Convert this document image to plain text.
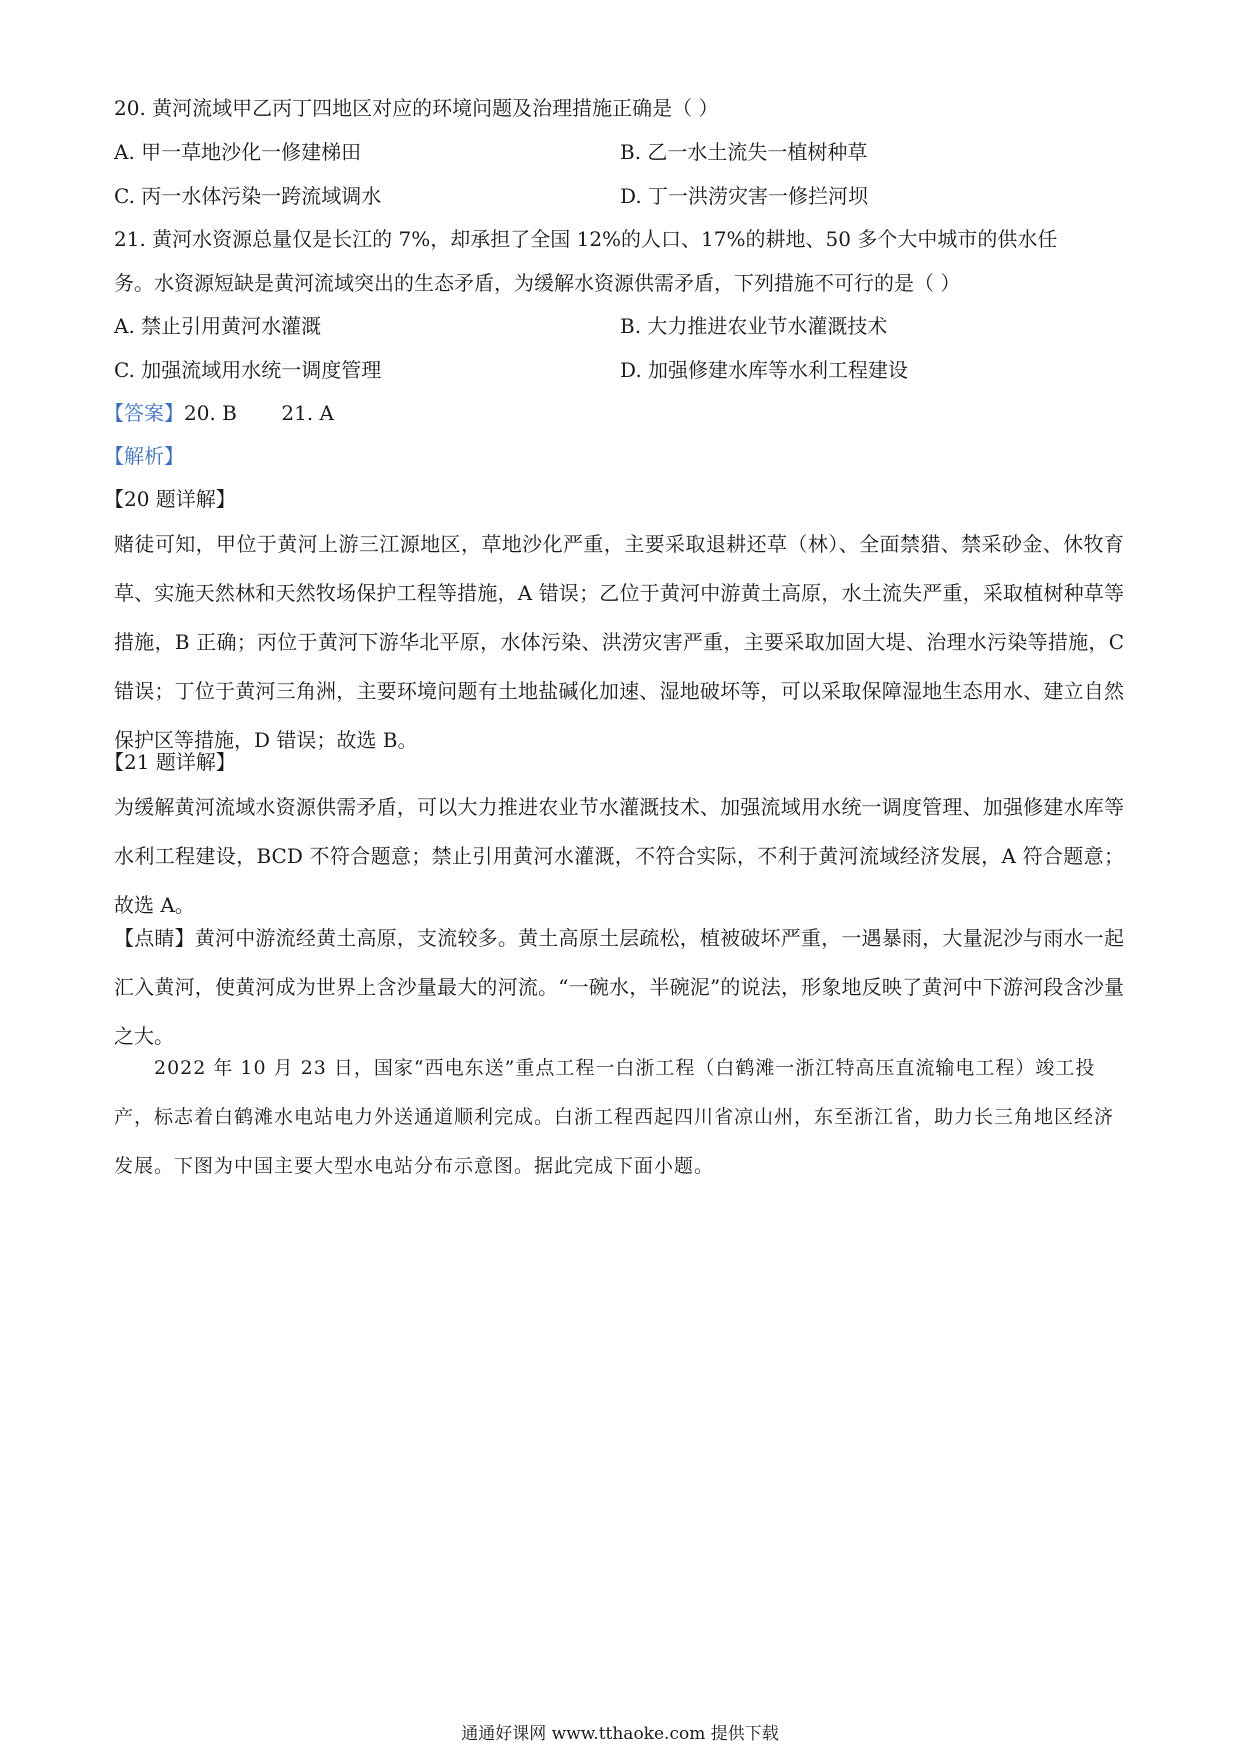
20. 黄河流域甲乙丙丁四地区对应的环境问题及治理措施正确是（ ）
A. 甲一草地沙化一修建梯田	B. 乙一水土流失一植树种草
C. 丙一水体污染一跨流域调水	D. 丁一洪涝灾害一修拦河坝
21. 黄河水资源总量仅是长江的 7%，却承担了全国 12%的人口、17%的耕地、50 多个大中城市的供水任
务。水资源短缺是黄河流域突出的生态矛盾，为缓解水资源供需矛盾，下列措施不可行的是（ ）
A. 禁止引用黄河水灌溉	B. 大力推进农业节水灌溉技术
C. 加强流域用水统一调度管理	D. 加强修建水库等水利工程建设
【答案】20. B       21. A
【解析】
【20 题详解】
赌徒可知，甲位于黄河上游三江源地区，草地沙化严重，主要采取退耕还草（林）、全面禁猎、禁采砂金、休牧育草、实施天然林和天然牧场保护工程等措施，A 错误；乙位于黄河中游黄土高原，水土流失严重，采取植树种草等措施，B 正确；丙位于黄河下游华北平原，水体污染、洪涝灾害严重，主要采取加固大堤、治理水污染等措施，C 错误；丁位于黄河三角洲，主要环境问题有土地盐碱化加速、湿地破坏等，可以采取保障湿地生态用水、建立自然保护区等措施，D 错误；故选 B。
【21 题详解】
为缓解黄河流域水资源供需矛盾，可以大力推进农业节水灌溉技术、加强流域用水统一调度管理、加强修建水库等水利工程建设，BCD 不符合题意；禁止引用黄河水灌溉，不符合实际，不利于黄河流域经济发展，A 符合题意；故选 A。
【点睛】黄河中游流经黄土高原，支流较多。黄土高原土层疏松，植被破坏严重，一遇暴雨，大量泥沙与雨水一起汇入黄河，使黄河成为世界上含沙量最大的河流。“一碗水，半碗泥”的说法，形象地反映了黄河中下游河段含沙量之大。
2022 年 10 月 23 日，国家“西电东送”重点工程一白浙工程（白鹤滩一浙江特高压直流输电工程）竣工投产，标志着白鹤滩水电站电力外送通道顺利完成。白浙工程西起四川省凉山州，东至浙江省，助力长三角地区经济发展。下图为中国主要大型水电站分布示意图。据此完成下面小题。
通通好课网 www.tthaoke.com 提供下载
